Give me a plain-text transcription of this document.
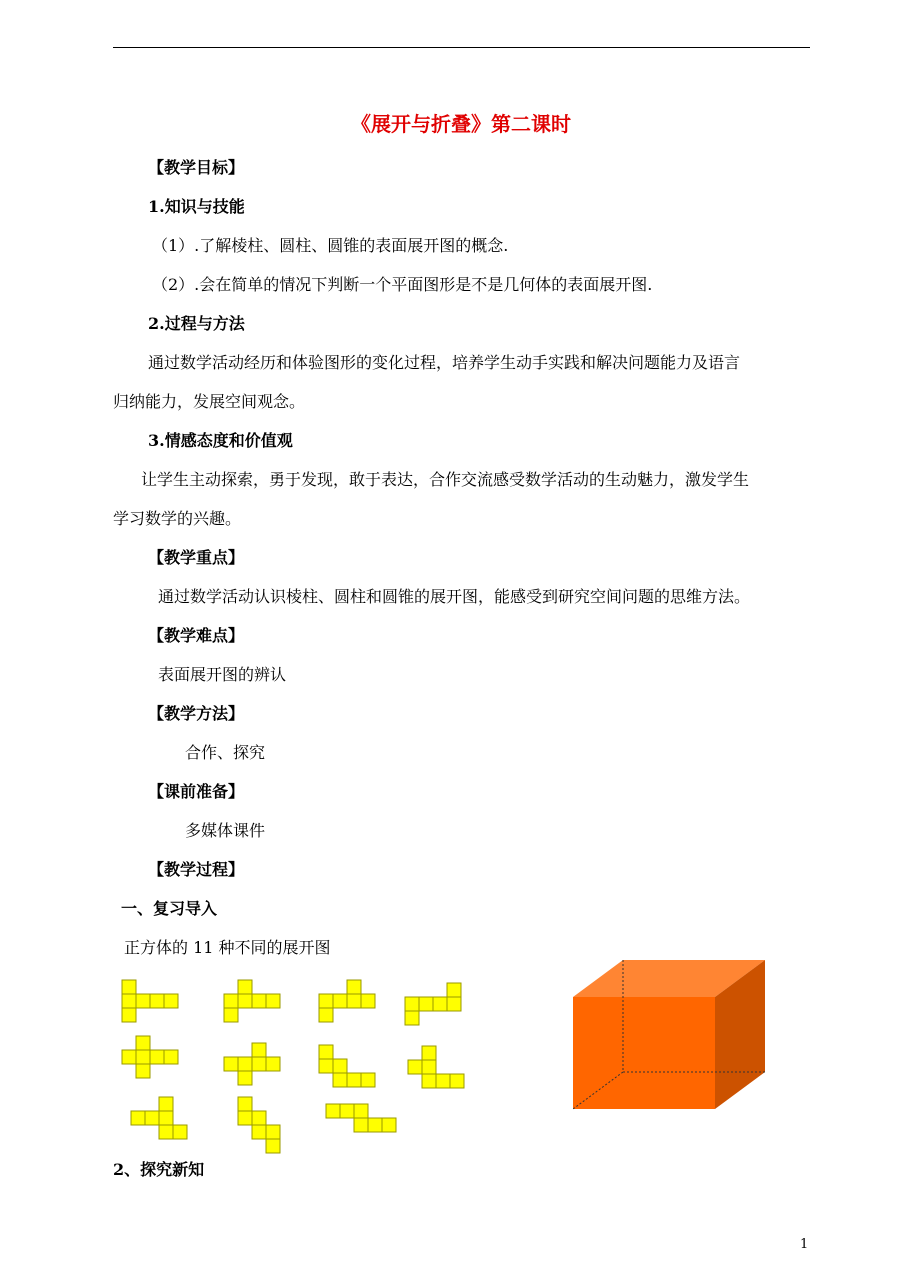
《展开与折叠》第二课时
【教学目标】
1.知识与技能
（1）.了解棱柱、圆柱、圆锥的表面展开图的概念.
（2）.会在简单的情况下判断一个平面图形是不是几何体的表面展开图.
2.过程与方法
通过数学活动经历和体验图形的变化过程，培养学生动手实践和解决问题能力及语言
归纳能力，发展空间观念。
3.情感态度和价值观
让学生主动探索，勇于发现，敢于表达，合作交流感受数学活动的生动魅力，激发学生
学习数学的兴趣。
【教学重点】
通过数学活动认识棱柱、圆柱和圆锥的展开图，能感受到研究空间问题的思维方法。
【教学难点】
表面展开图的辨认
【教学方法】
合作、探究
【课前准备】
多媒体课件
【教学过程】
一、复习导入
正方体的 11 种不同的展开图
2、探究新知
1
